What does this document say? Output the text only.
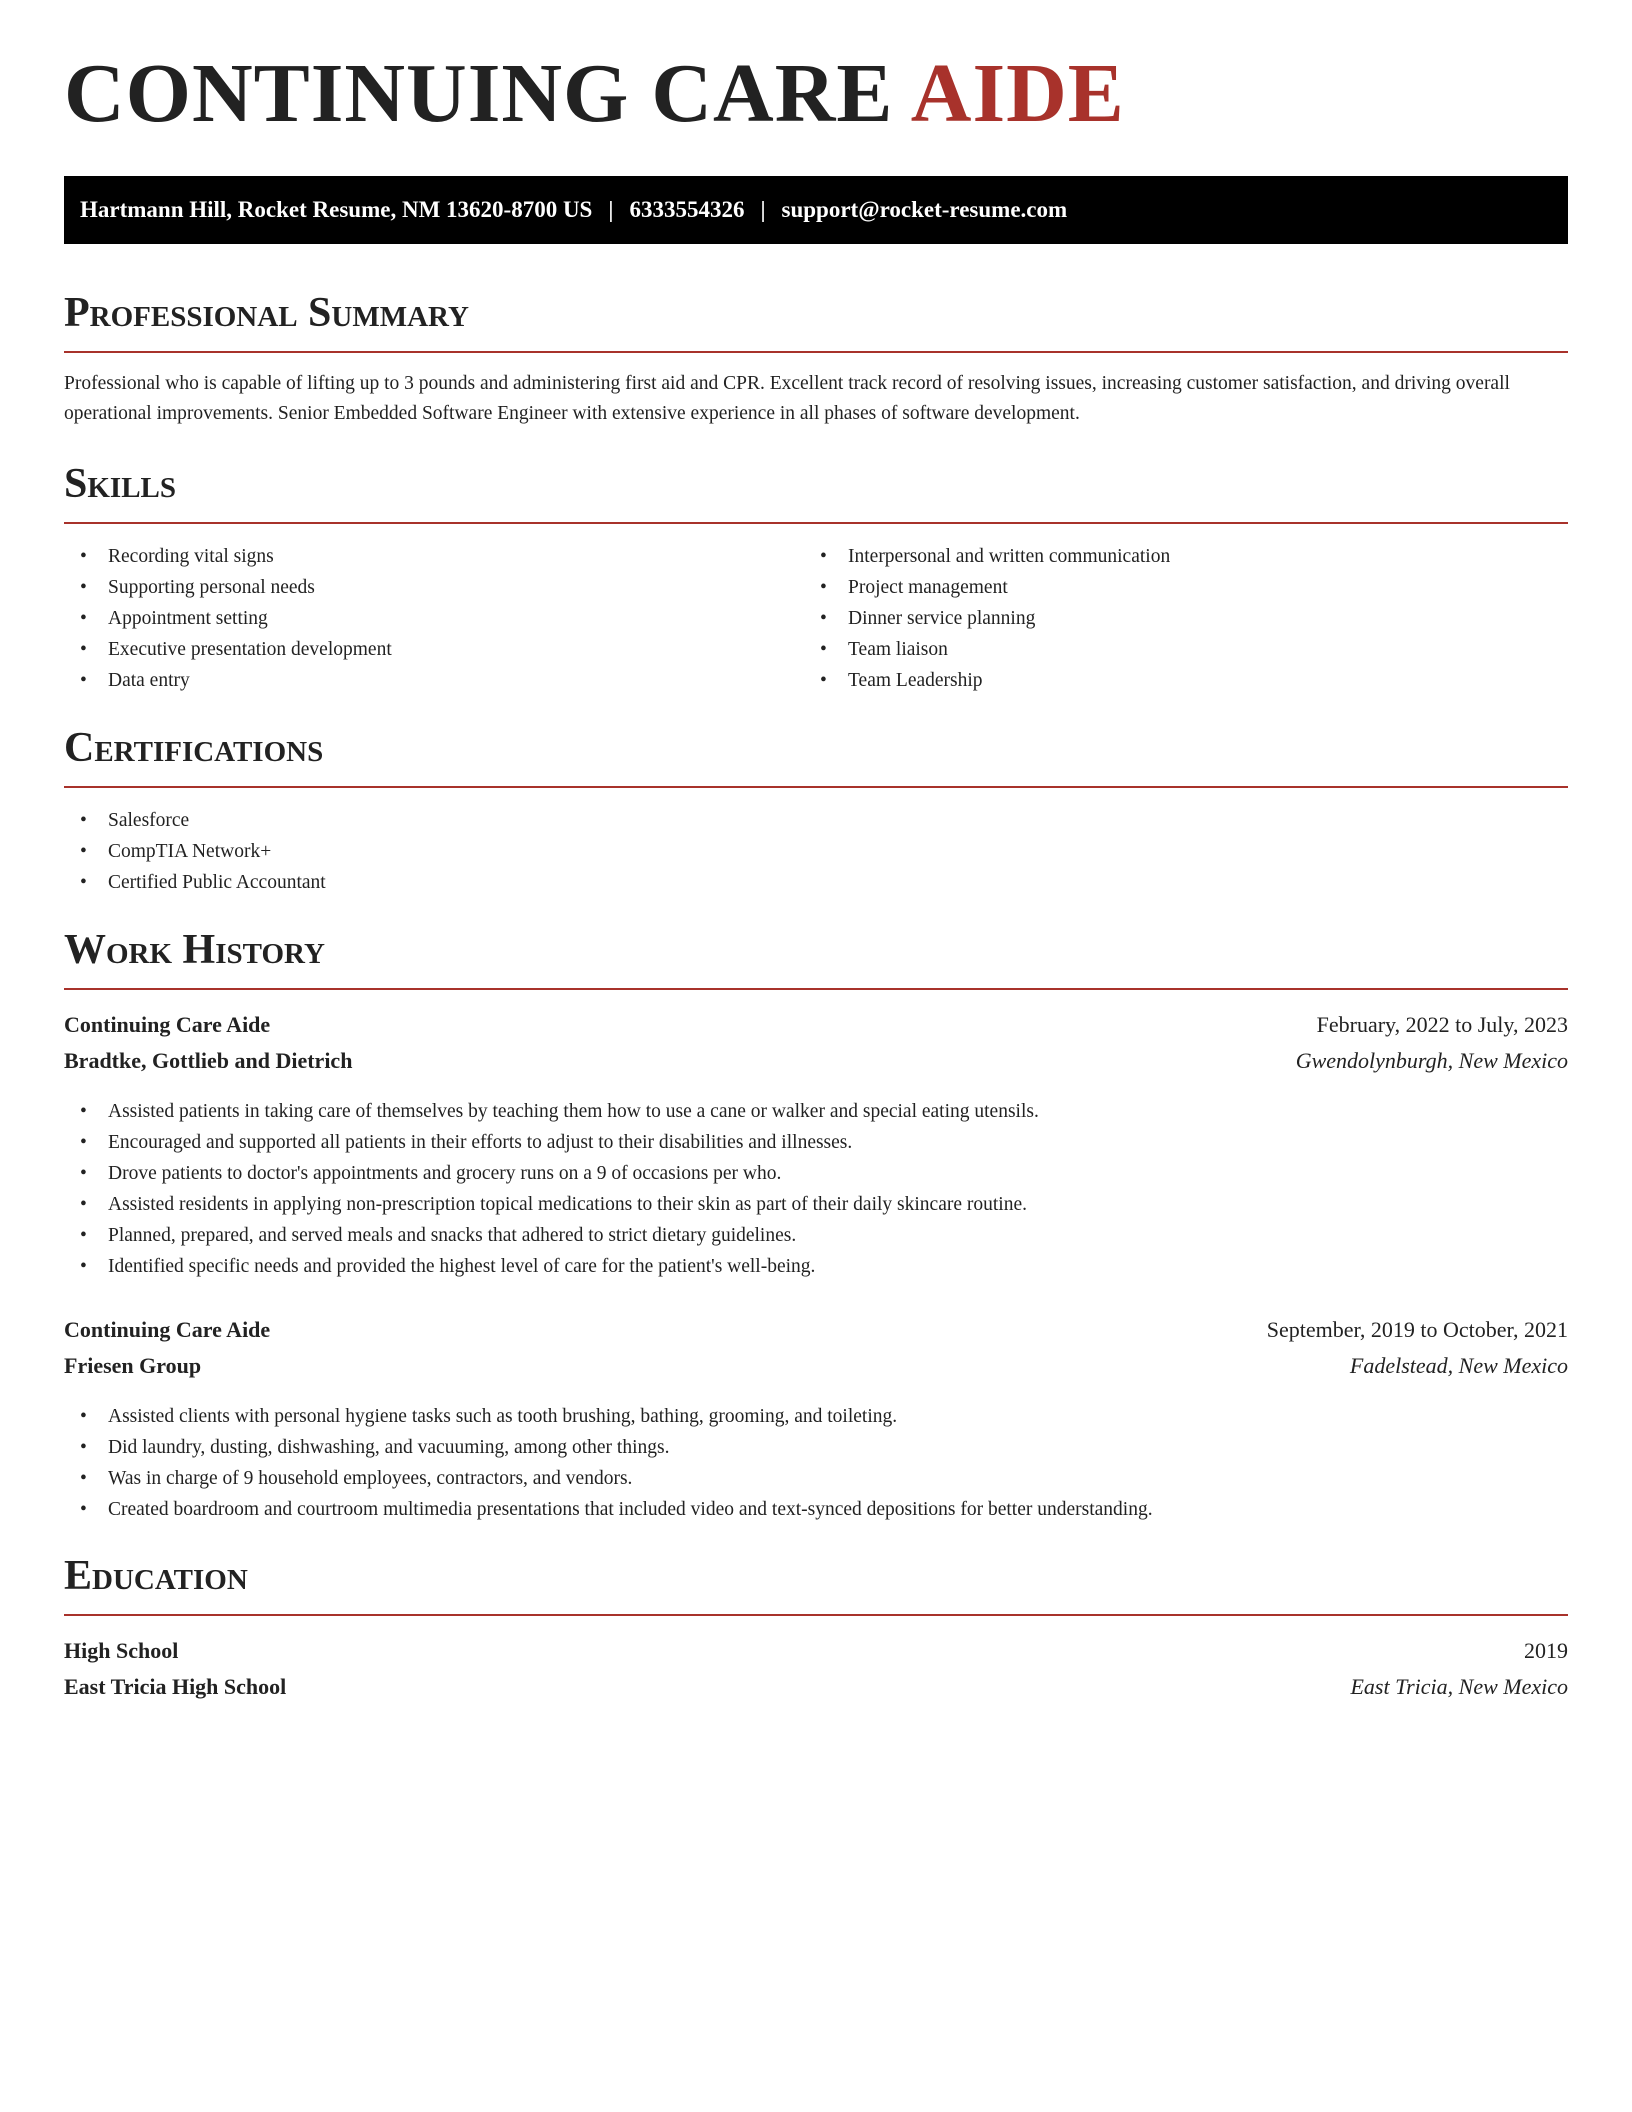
CONTINUING CARE AIDE
Hartmann Hill, Rocket Resume, NM 13620-8700 US | 6333554326 | support@rocket-resume.com
Professional Summary

Professional who is capable of lifting up to 3 pounds and administering first aid and CPR. Excellent track record of resolving issues, increasing customer satisfaction, and driving overall operational improvements. Senior Embedded Software Engineer with extensive experience in all phases of software development.

Skills
• Recording vital signs
• Supporting personal needs
• Appointment setting
• Executive presentation development
• Data entry
• Interpersonal and written communication
• Project management
• Dinner service planning
• Team liaison
• Team Leadership
Certifications
• Salesforce
• CompTIA Network+
• Certified Public Accountant
Work History
Continuing Care Aide	February, 2022 to July, 2023
Bradtke, Gottlieb and Dietrich	Gwendolynburgh, New Mexico
• Assisted patients in taking care of themselves by teaching them how to use a cane or walker and special eating utensils.
• Encouraged and supported all patients in their efforts to adjust to their disabilities and illnesses.
• Drove patients to doctor's appointments and grocery runs on a 9 of occasions per who.
• Assisted residents in applying non-prescription topical medications to their skin as part of their daily skincare routine.
• Planned, prepared, and served meals and snacks that adhered to strict dietary guidelines.
• Identified specific needs and provided the highest level of care for the patient's well-being.
Continuing Care Aide	September, 2019 to October, 2021
Friesen Group	Fadelstead, New Mexico
• Assisted clients with personal hygiene tasks such as tooth brushing, bathing, grooming, and toileting.
• Did laundry, dusting, dishwashing, and vacuuming, among other things.
• Was in charge of 9 household employees, contractors, and vendors.
• Created boardroom and courtroom multimedia presentations that included video and text-synced depositions for better understanding.
Education
High School	2019
East Tricia High School	East Tricia, New Mexico
